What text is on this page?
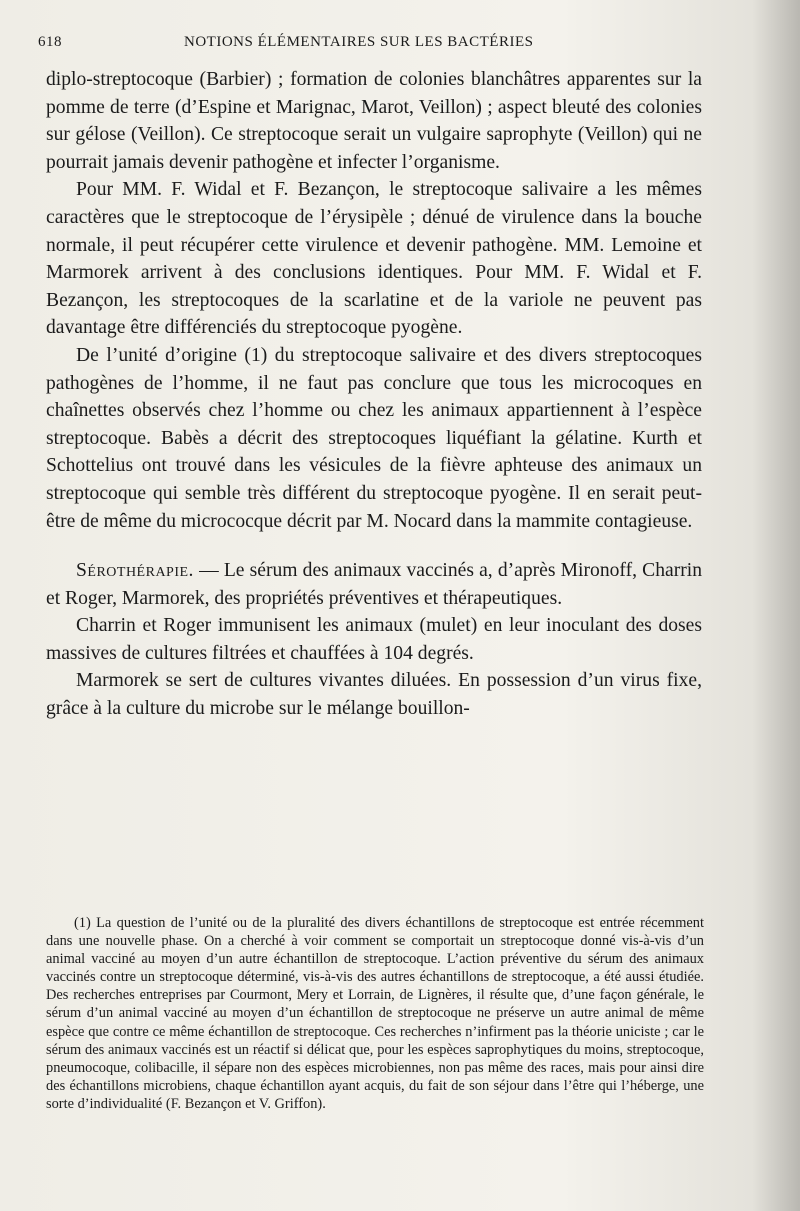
618	NOTIONS ÉLÉMENTAIRES SUR LES BACTÉRIES

diplo-streptocoque (Barbier) ; formation de colonies blanchâtres apparentes sur la pomme de terre (d’Espine et Marignac, Marot, Veillon) ; aspect bleuté des colonies sur gélose (Veillon). Ce streptocoque serait un vulgaire saprophyte (Veillon) qui ne pourrait jamais devenir pathogène et infecter l’organisme.

Pour MM. F. Widal et F. Bezançon, le streptocoque salivaire a les mêmes caractères que le streptocoque de l’érysipèle ; dénué de virulence dans la bouche normale, il peut récupérer cette virulence et devenir pathogène. MM. Lemoine et Marmorek arrivent à des conclusions identiques. Pour MM. F. Widal et F. Bezançon, les streptocoques de la scarlatine et de la variole ne peuvent pas davantage être différenciés du streptocoque pyogène.

De l’unité d’origine (1) du streptocoque salivaire et des divers streptocoques pathogènes de l’homme, il ne faut pas conclure que tous les microcoques en chaînettes observés chez l’homme ou chez les animaux appartiennent à l’espèce streptocoque. Babès a décrit des streptocoques liquéfiant la gélatine. Kurth et Schottelius ont trouvé dans les vésicules de la fièvre aphteuse des animaux un streptocoque qui semble très différent du streptocoque pyogène. Il en serait peut-être de même du micrococque décrit par M. Nocard dans la mammite contagieuse.

Sérothérapie. — Le sérum des animaux vaccinés a, d’après Mironoff, Charrin et Roger, Marmorek, des propriétés préventives et thérapeutiques.

Charrin et Roger immunisent les animaux (mulet) en leur inoculant des doses massives de cultures filtrées et chauffées à 104 degrés.

Marmorek se sert de cultures vivantes diluées. En possession d’un virus fixe, grâce à la culture du microbe sur le mélange bouillon-

(1) La question de l’unité ou de la pluralité des divers échantillons de streptocoque est entrée récemment dans une nouvelle phase. On a cherché à voir comment se comportait un streptocoque donné vis-à-vis d’un animal vacciné au moyen d’un autre échantillon de streptocoque. L’action préventive du sérum des animaux vaccinés contre un streptocoque déterminé, vis-à-vis des autres échantillons de streptocoque, a été aussi étudiée. Des recherches entreprises par Courmont, Mery et Lorrain, de Lignères, il résulte que, d’une façon générale, le sérum d’un animal vacciné au moyen d’un échantillon de streptocoque ne préserve un autre animal de même espèce que contre ce même échantillon de streptocoque. Ces recherches n’infirment pas la théorie uniciste ; car le sérum des animaux vaccinés est un réactif si délicat que, pour les espèces saprophytiques du moins, streptocoque, pneumocoque, colibacille, il sépare non des espèces microbiennes, non pas même des races, mais pour ainsi dire des échantillons microbiens, chaque échantillon ayant acquis, du fait de son séjour dans l’être qui l’héberge, une sorte d’individualité (F. Bezançon et V. Griffon).
